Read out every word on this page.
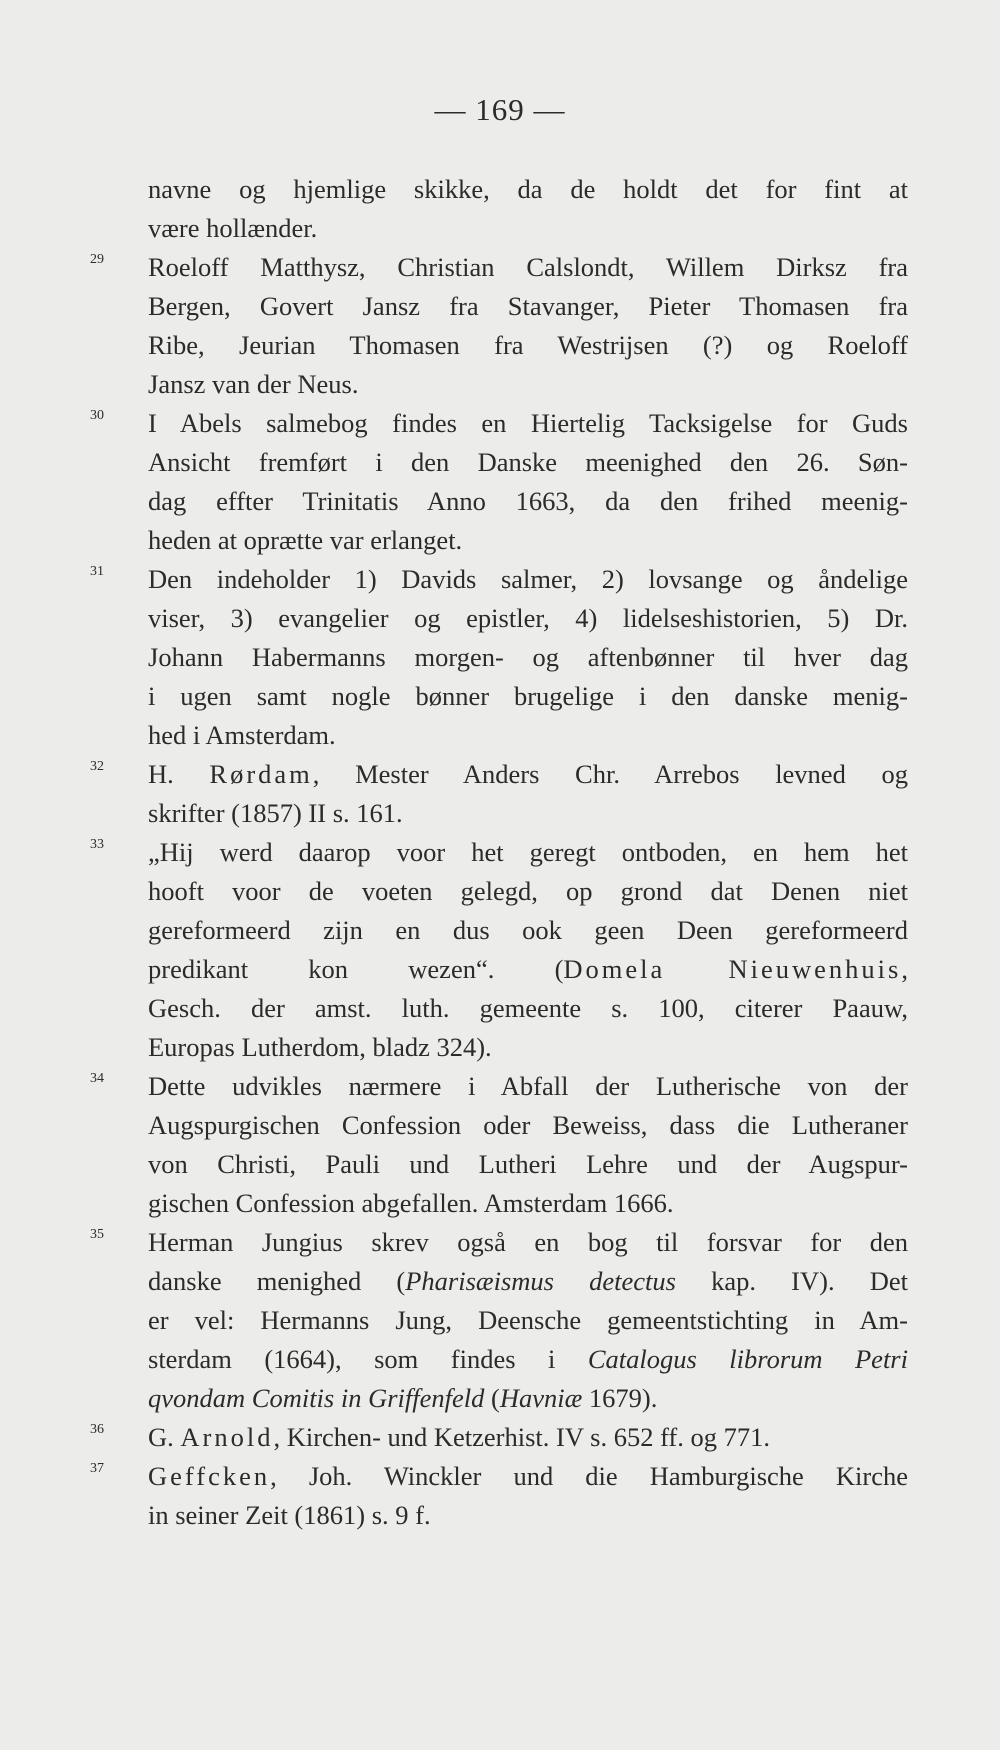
— 169 —
navne og hjemlige skikke, da de holdt det for fint at
være hollænder.
29	Roeloff Matthysz, Christian Calslondt, Willem Dirksz fra
Bergen, Govert Jansz fra Stavanger, Pieter Thomasen fra
Ribe, Jeurian Thomasen fra Westrijsen (?) og Roeloff
Jansz van der Neus.
30	I Abels salmebog findes en Hiertelig Tacksigelse for Guds
Ansicht fremført i den Danske meenighed den 26. Søn-
dag effter Trinitatis Anno 1663, da den frihed meenig-
heden at oprætte var erlanget.
31	Den indeholder 1) Davids salmer, 2) lovsange og åndelige
viser, 3) evangelier og epistler, 4) lidelseshistorien, 5) Dr.
Johann Habermanns morgen- og aftenbønner til hver dag
i ugen samt nogle bønner brugelige i den danske menig-
hed i Amsterdam.
32	H. Rørdam, Mester Anders Chr. Arrebos levned og
skrifter (1857) II s. 161.
33	„Hij werd daarop voor het geregt ontboden, en hem het
hooft voor de voeten gelegd, op grond dat Denen niet
gereformeerd zijn en dus ook geen Deen gereformeerd
predikant kon wezen“. (Domela Nieuwenhuis,
Gesch. der amst. luth. gemeente s. 100, citerer Paauw,
Europas Lutherdom, bladz 324).
34	Dette udvikles nærmere i Abfall der Lutherische von der
Augspurgischen Confession oder Beweiss, dass die Lutheraner
von Christi, Pauli und Lutheri Lehre und der Augspur-
gischen Confession abgefallen. Amsterdam 1666.
35	Herman Jungius skrev også en bog til forsvar for den
danske menighed (Pharisæismus detectus kap. IV). Det
er vel: Hermanns Jung, Deensche gemeentstichting in Am-
sterdam (1664), som findes i Catalogus librorum Petri
qvondam Comitis in Griffenfeld (Havniæ 1679).
36	G. Arnold, Kirchen- und Ketzerhist. IV s. 652 ff. og 771.
37	Geffcken, Joh. Winckler und die Hamburgische Kirche
in seiner Zeit (1861) s. 9 f.
